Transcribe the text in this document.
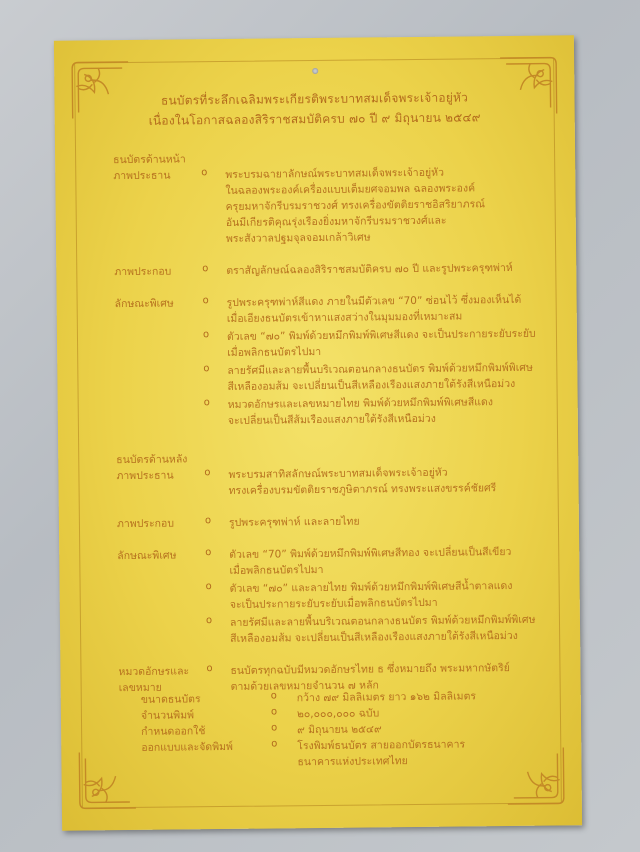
ธนบัตรที่ระลึกเฉลิมพระเกียรติพระบาทสมเด็จพระเจ้าอยู่หัว
เนื่องในโอกาสฉลองสิริราชสมบัติครบ ๗๐ ปี ๙ มิถุนายน ๒๕๔๙
ธนบัตรด้านหน้า
ภาพประธาน	o พระบรมฉายาลักษณ์พระบาทสมเด็จพระเจ้าอยู่หัว
ในฉลองพระองค์เครื่องแบบเต็มยศจอมพล ฉลองพระองค์
ครุยมหาจักรีบรมราชวงศ์ ทรงเครื่องขัตติยราชอิสริยาภรณ์
อันมีเกียรติคุณรุ่งเรืองยิ่งมหาจักรีบรมราชวงศ์และ
พระสังวาลปฐมจุลจอมเกล้าวิเศษ
ภาพประกอบ	o ตราสัญลักษณ์ฉลองสิริราชสมบัติครบ ๗๐ ปี และรูปพระครุฑพ่าห์
ลักษณะพิเศษ	o รูปพระครุฑพ่าห์สีแดง ภายในมีตัวเลข “70” ซ่อนไว้ ซึ่งมองเห็นได้
เมื่อเอียงธนบัตรเข้าหาแสงสว่างในมุมมองที่เหมาะสม
o ตัวเลข “๗๐” พิมพ์ด้วยหมึกพิมพ์พิเศษสีแดง จะเป็นประกายระยับระยับ
เมื่อพลิกธนบัตรไปมา
o ลายรัศมีและลายพื้นบริเวณตอนกลางธนบัตร พิมพ์ด้วยหมึกพิมพ์พิเศษ
สีเหลืองอมส้ม จะเปลี่ยนเป็นสีเหลืองเรืองแสงภายใต้รังสีเหนือม่วง
o หมวดอักษรและเลขหมายไทย พิมพ์ด้วยหมึกพิมพ์พิเศษสีแดง
จะเปลี่ยนเป็นสีส้มเรืองแสงภายใต้รังสีเหนือม่วง
ธนบัตรด้านหลัง
ภาพประธาน	o พระบรมสาทิสลักษณ์พระบาทสมเด็จพระเจ้าอยู่หัว
ทรงเครื่องบรมขัตติยราชภูษิตาภรณ์ ทรงพระแสงขรรค์ชัยศรี
ภาพประกอบ	o รูปพระครุฑพ่าห์ และลายไทย
ลักษณะพิเศษ	o ตัวเลข “70” พิมพ์ด้วยหมึกพิมพ์พิเศษสีทอง จะเปลี่ยนเป็นสีเขียว
เมื่อพลิกธนบัตรไปมา
o ตัวเลข “๗๐” และลายไทย พิมพ์ด้วยหมึกพิมพ์พิเศษสีน้ำตาลแดง
จะเป็นประกายระยับระยับเมื่อพลิกธนบัตรไปมา
o ลายรัศมีและลายพื้นบริเวณตอนกลางธนบัตร พิมพ์ด้วยหมึกพิมพ์พิเศษ
สีเหลืองอมส้ม จะเปลี่ยนเป็นสีเหลืองเรืองแสงภายใต้รังสีเหนือม่วง
หมวดอักษรและ
เลขหมาย
o ธนบัตรทุกฉบับมีหมวดอักษรไทย ธ ซึ่งหมายถึง พระมหากษัตริย์
ตามด้วยเลขหมายจำนวน ๗ หลัก
ขนาดธนบัตร	o กว้าง ๗๙ มิลลิเมตร ยาว ๑๖๒ มิลลิเมตร
จำนวนพิมพ์	o ๒๐,๐๐๐,๐๐๐ ฉบับ
กำหนดออกใช้	o ๙ มิถุนายน ๒๕๔๙
ออกแบบและจัดพิมพ์	o โรงพิมพ์ธนบัตร สายออกบัตรธนาคาร
ธนาคารแห่งประเทศไทย
